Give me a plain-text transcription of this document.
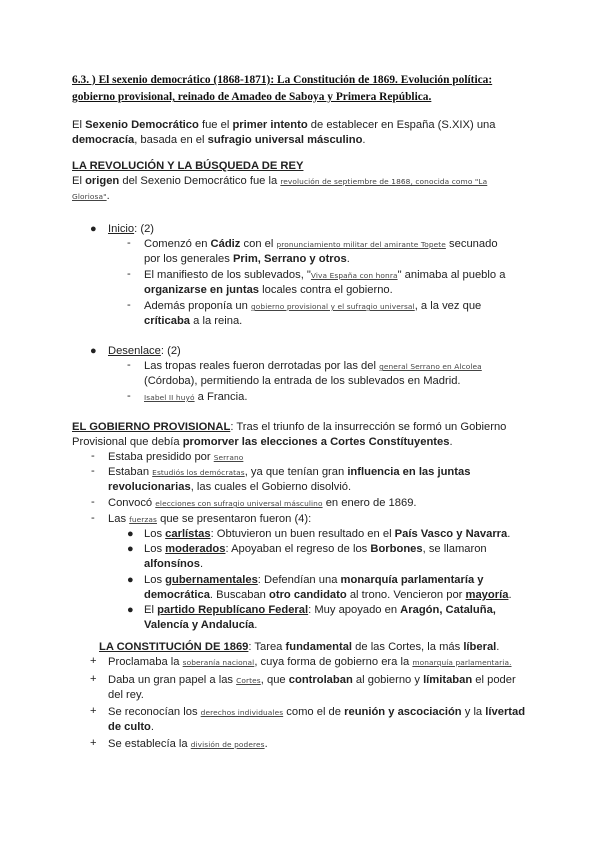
6.3. ) El sexenio democrático (1868-1871): La Constitución de 1869. Evolución política: gobierno provisional, reinado de Amadeo de Saboya y Primera República.
El Sexenio Democrático fue el primer intento de establecer en España (S.XIX) una democracía, basada en el sufragio universal másculino.
LA REVOLUCIÓN Y LA BÚSQUEDA DE REY
El origen del Sexenio Democrático fue la revolución de septiembre de 1868, conocida como "La
Gloriosa".
● Inicio: (2)
- Comenzó en Cádiz con el pronunciamiento militar del amirante Topete secunado
por los generales Prim, Serrano y otros.
- El manifiesto de los sublevados, "Viva España con honra" animaba al pueblo a
organizarse en juntas locales contra el gobierno.
- Además proponía un gobierno provisional y el sufragio universal, a la vez que
críticaba a la reina.
● Desenlace: (2)
- Las tropas reales fueron derrotadas por las del general Serrano en Alcolea
(Córdoba), permitiendo la entrada de los sublevados en Madrid.
- Isabel II huyó a Francia.
EL GOBIERNO PROVISIONAL: Tras el triunfo de la insurrección se formó un Gobierno
Provisional que debía promorver las elecciones a Cortes Constítuyentes.
- Estaba presidido por Serrano
- Estaban Estudiós los demócratas, ya que tenían gran influencia en las juntas
revolucionarias, las cuales el Gobierno disolvió.
- Convocó elecciones con sufragio universal másculino en enero de 1869.
- Las fuerzas que se presentaron fueron (4):
● Los carlístas: Obtuvieron un buen resultado en el País Vasco y Navarra.
● Los moderados: Apoyaban el regreso de los Borbones, se llamaron
alfonsínos.
● Los gubernamentales: Defendían una monarquía parlamentaría y
democrática. Buscaban otro candidato al trono. Vencieron por mayoría.
● El partido Republícano Federal: Muy apoyado en Aragón, Cataluña,
Valencía y Andalucía.
LA CONSTITUCIÓN DE 1869: Tarea fundamental de las Cortes, la más líberal.
+ Proclamaba la soberanía nacional, cuya forma de gobierno era la monarquía parlamentaria.
+ Daba un gran papel a las Cortes, que controlaban al gobierno y límitaban el poder
del rey.
+ Se reconocían los derechos individuales como el de reunión y ascociación y la lívertad
de culto.
+ Se establecía la división de poderes.
